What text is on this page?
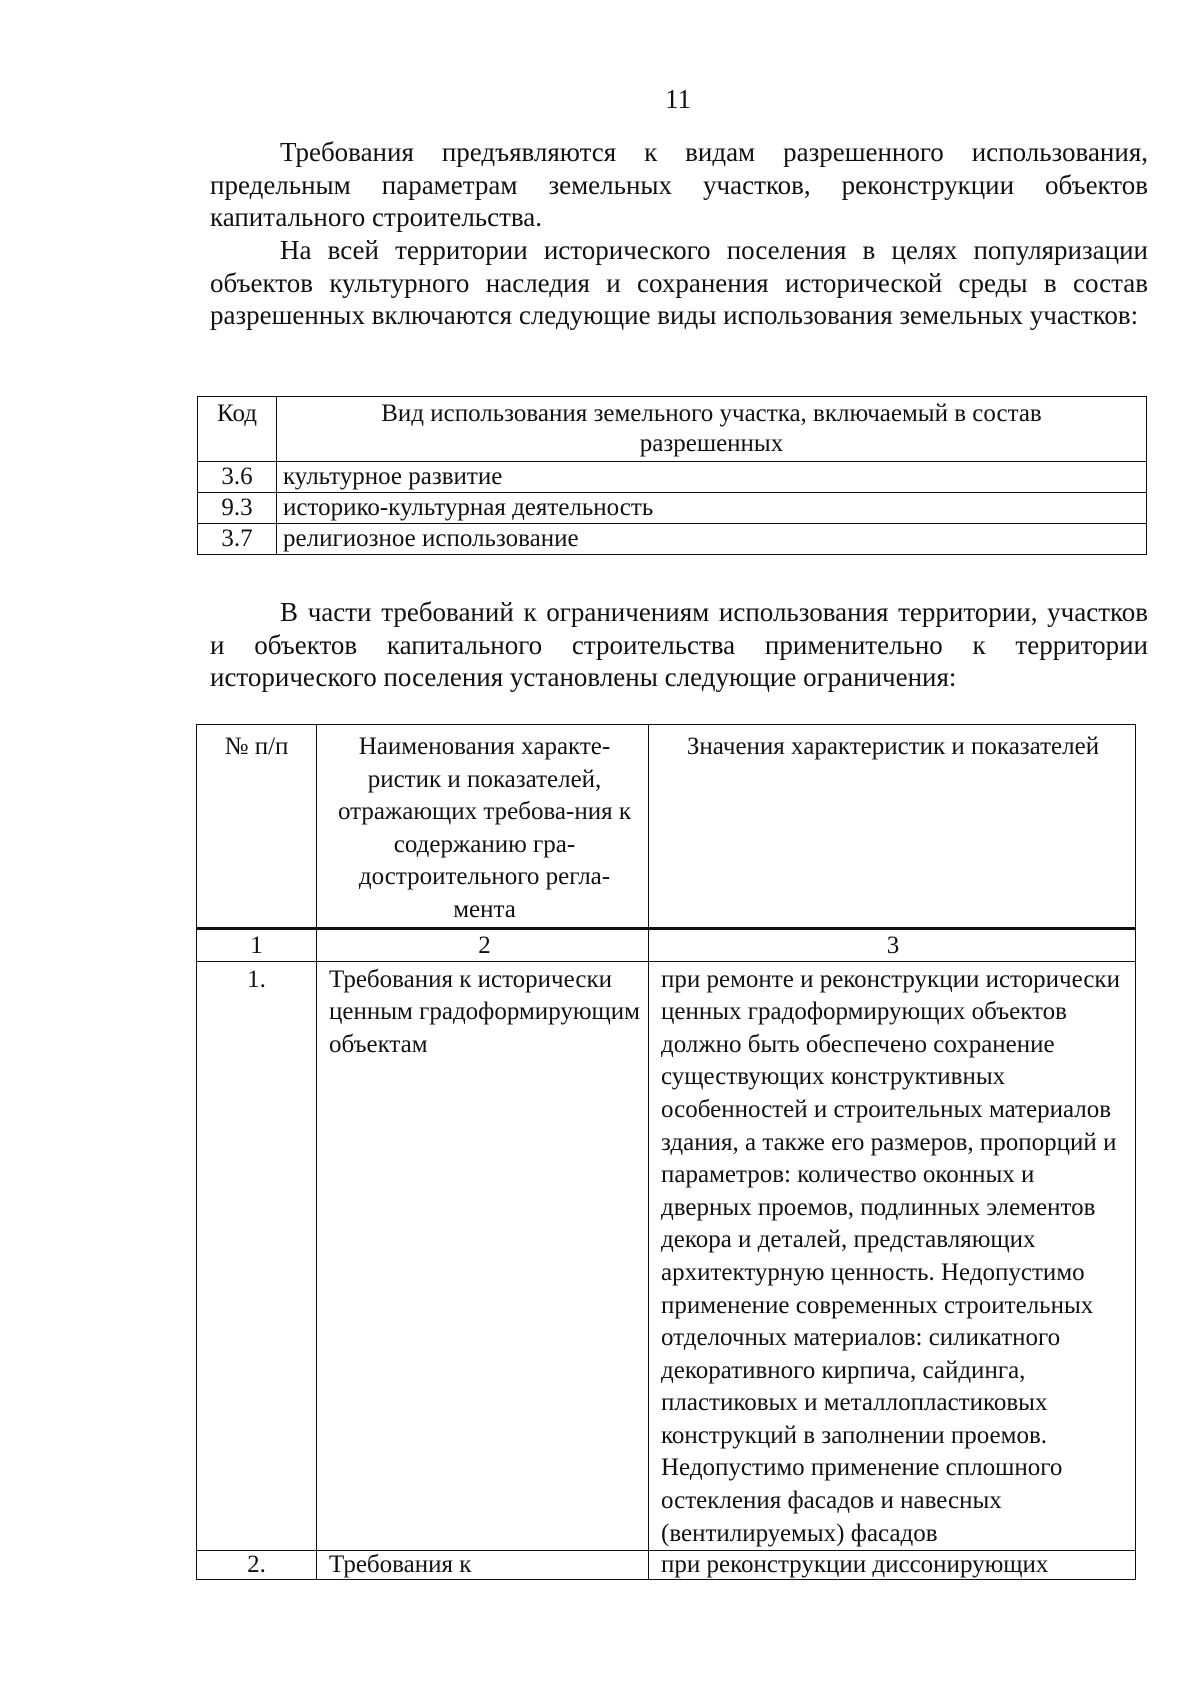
11

Требования предъявляются к видам разрешенного использования, предельным параметрам земельных участков, реконструкции объектов капитального строительства.

На всей территории исторического поселения в целях популяризации объектов культурного наследия и сохранения исторической среды в состав разрешенных включаются следующие виды использования земельных участков:

Код	Вид использования земельного участка, включаемый в состав разрешенных
3.6	культурное развитие
9.3	историко-культурная деятельность
3.7	религиозное использование

В части требований к ограничениям использования территории, участков и объектов капитального строительства применительно к территории исторического поселения установлены следующие ограничения:

№ п/п	Наименования характе-ристик и показателей, отражающих требова-ния к содержанию гра-достроительного регла-мента	Значения характеристик и показателей
1	2	3
1.	Требования к исторически ценным градоформирующим объектам	при ремонте и реконструкции исторически ценных градоформирующих объектов должно быть обеспечено сохранение существующих конструктивных особенностей и строительных материалов здания, а также его размеров, пропорций и параметров: количество оконных и дверных проемов, подлинных элементов декора и деталей, представляющих архитектурную ценность. Недопустимо применение современных строительных отделочных материалов: силикатного декоративного кирпича, сайдинга, пластиковых и металлопластиковых конструкций в заполнении проемов. Недопустимо применение сплошного остекления фасадов и навесных (вентилируемых) фасадов
2.	Требования к	при реконструкции диссонирующих
